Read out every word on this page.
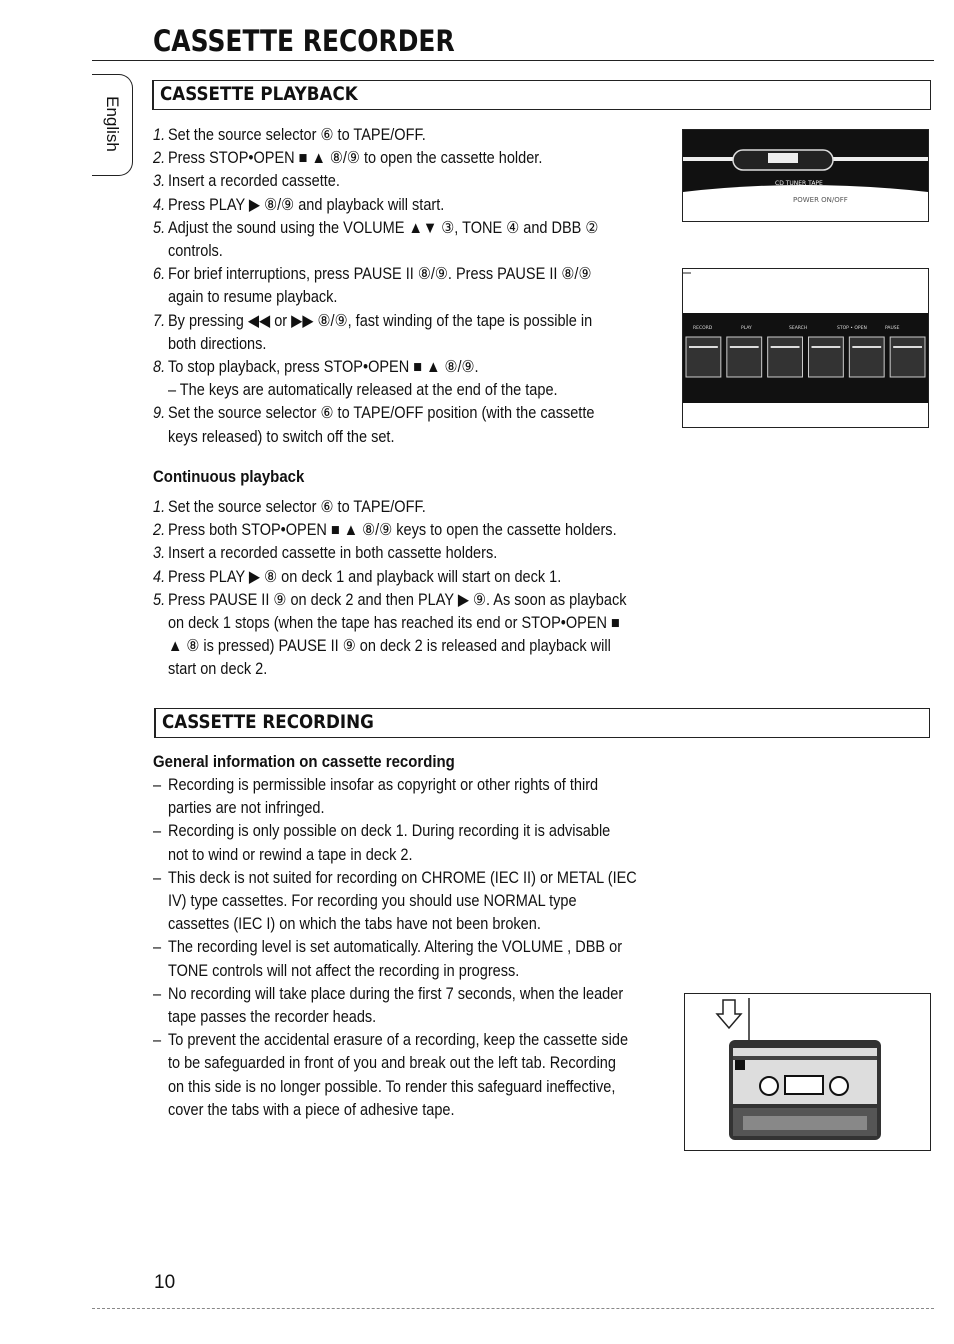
CASSETTE RECORDER
English
CASSETTE PLAYBACK
1. Set the source selector ⑥ to TAPE/OFF.
2. Press STOP•OPEN ■ ▲ ⑧/⑨ to open the cassette holder.
3. Insert a recorded cassette.
4. Press PLAY ▶ ⑧/⑨ and playback will start.
5. Adjust the sound using the VOLUME ▲▼ ③, TONE ④ and DBB ②
controls.
6. For brief interruptions, press PAUSE II ⑧/⑨. Press PAUSE II ⑧/⑨
again to resume playback.
7. By pressing ◀◀ or ▶▶ ⑧/⑨, fast winding of the tape is possible in
both directions.
8. To stop playback, press STOP•OPEN ■ ▲ ⑧/⑨.
– The keys are automatically released at the end of the tape.
9. Set the source selector ⑥ to TAPE/OFF position (with the cassette
keys released) to switch off the set.
Continuous playback
1. Set the source selector ⑥ to TAPE/OFF.
2. Press both STOP•OPEN ■ ▲ ⑧/⑨ keys to open the cassette holders.
3. Insert a recorded cassette in both cassette holders.
4. Press PLAY ▶ ⑧ on deck 1 and playback will start on deck 1.
5. Press PAUSE II ⑨ on deck 2 and then PLAY ▶ ⑨. As soon as playback
on deck 1 stops (when the tape has reached its end or STOP•OPEN ■
▲ ⑧ is pressed) PAUSE II ⑨ on deck 2 is released and playback will
start on deck 2.
CASSETTE RECORDING
General information on cassette recording
– Recording is permissible insofar as copyright or other rights of third
parties are not infringed.
– Recording is only possible on deck 1. During recording it is advisable
not to wind or rewind a tape in deck 2.
– This deck is not suited for recording on CHROME (IEC II) or METAL (IEC
IV) type cassettes. For recording you should use NORMAL type
cassettes (IEC I) on which the tabs have not been broken.
– The recording level is set automatically. Altering the VOLUME , DBB or
TONE controls will not affect the recording in progress.
– No recording will take place during the first 7 seconds, when the leader
tape passes the recorder heads.
– To prevent the accidental erasure of a recording, keep the cassette side
to be safeguarded in front of you and break out the left tab. Recording
on this side is no longer possible. To render this safeguard ineffective,
cover the tabs with a piece of adhesive tape.
CD TUNER TAPE
POWER ON/OFF
RECORD	PLAY	SEARCH	STOP • OPEN	PAUSE
10
